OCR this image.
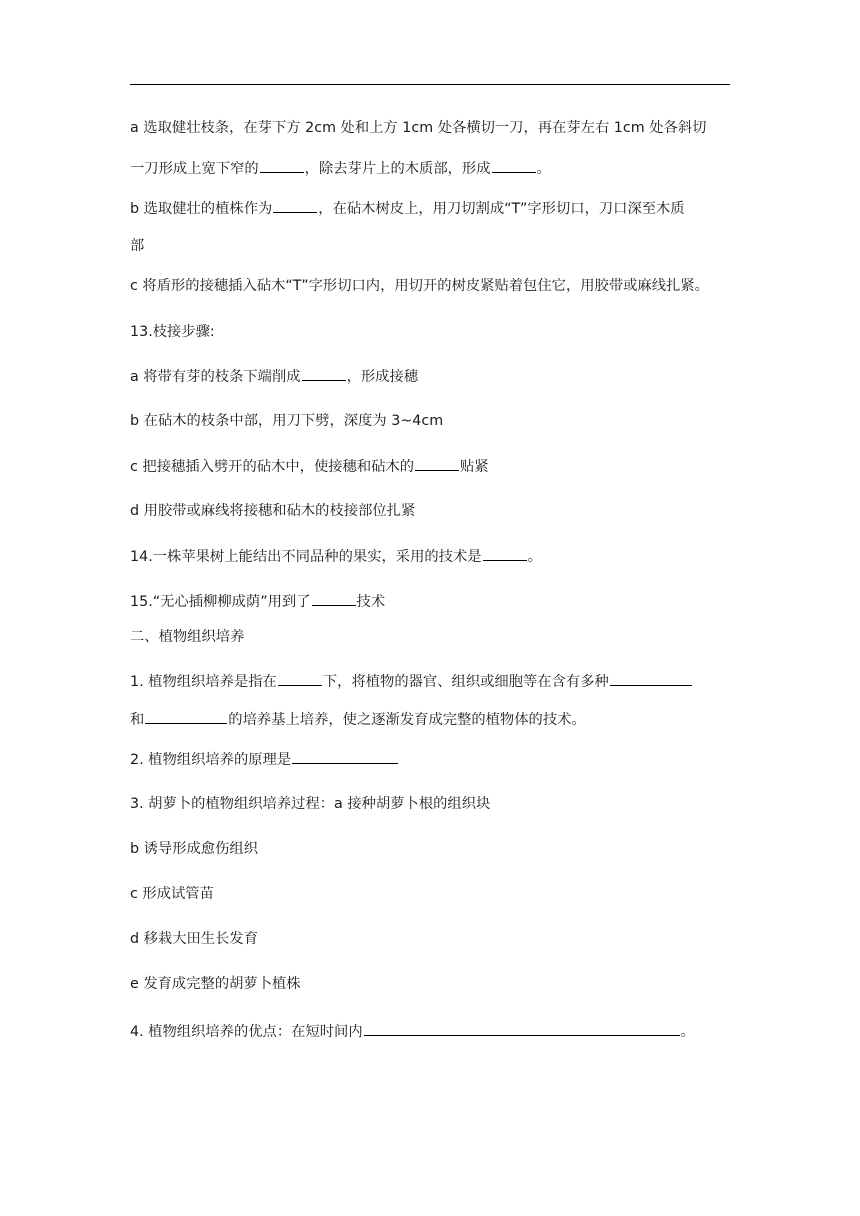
a 选取健壮枝条，在芽下方 2cm 处和上方 1cm 处各横切一刀，再在芽左右 1cm 处各斜切
一刀形成上宽下窄的	，除去芽片上的木质部，形成	。
b 选取健壮的植株作为	，在砧木树皮上，用刀切割成“T”字形切口，刀口深至木质
部
c 将盾形的接穗插入砧木“T”字形切口内，用切开的树皮紧贴着包住它，用胶带或麻线扎紧。
13.枝接步骤:
a 将带有芽的枝条下端削成	，形成接穗
b 在砧木的枝条中部，用刀下劈，深度为 3~4cm
c 把接穗插入劈开的砧木中，使接穗和砧木的	贴紧
d 用胶带或麻线将接穗和砧木的枝接部位扎紧
14.一株苹果树上能结出不同品种的果实，采用的技术是	。
15.“无心插柳柳成荫”用到了	技术
二、植物组织培养
1. 植物组织培养是指在	下，将植物的器官、组织或细胞等在含有多种
和	的培养基上培养，使之逐渐发育成完整的植物体的技术。
2. 植物组织培养的原理是
3. 胡萝卜的植物组织培养过程：a 接种胡萝卜根的组织块
b 诱导形成愈伤组织
c 形成试管苗
d 移栽大田生长发育
e 发育成完整的胡萝卜植株
4. 植物组织培养的优点：在短时间内	。
